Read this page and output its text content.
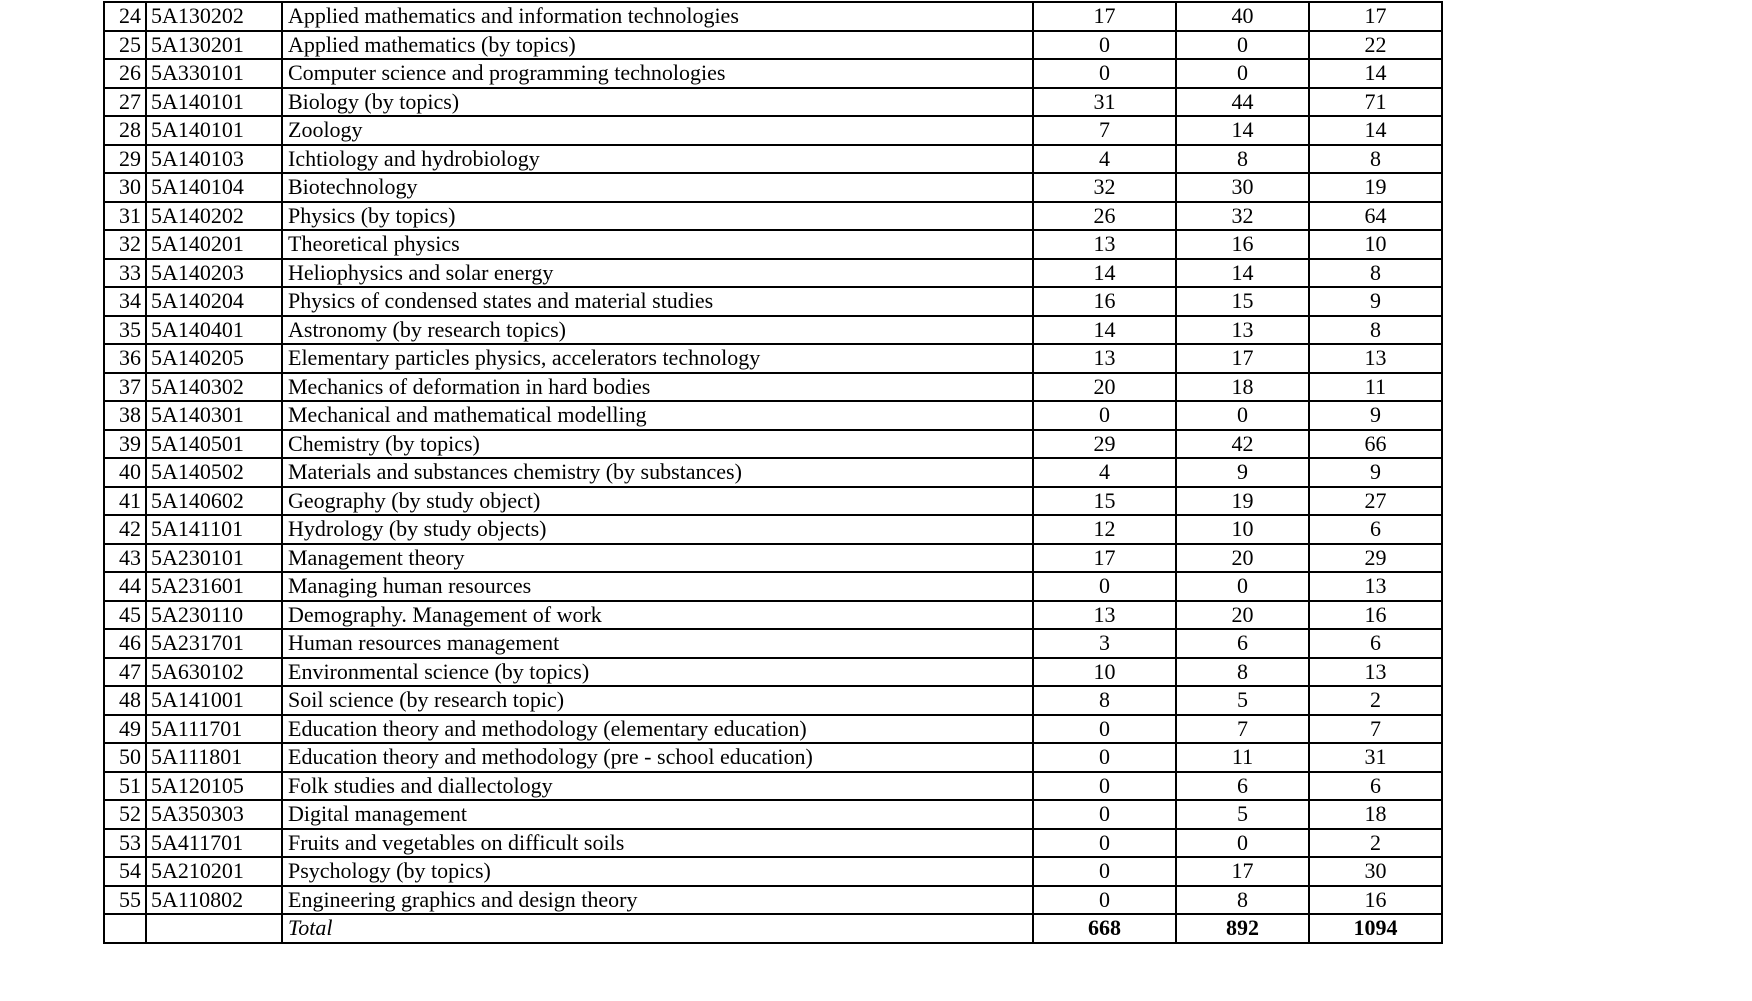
24	5A130202	Applied mathematics and information technologies	17	40	17
25	5A130201	Applied mathematics (by topics)	0	0	22
26	5A330101	Computer science and programming technologies	0	0	14
27	5A140101	Biology (by topics)	31	44	71
28	5A140101	Zoology	7	14	14
29	5A140103	Ichtiology and hydrobiology	4	8	8
30	5A140104	Biotechnology	32	30	19
31	5A140202	Physics (by topics)	26	32	64
32	5A140201	Theoretical physics	13	16	10
33	5A140203	Heliophysics and solar energy	14	14	8
34	5A140204	Physics of condensed states and material studies	16	15	9
35	5A140401	Astronomy (by research topics)	14	13	8
36	5A140205	Elementary particles physics, accelerators technology	13	17	13
37	5A140302	Mechanics of deformation in hard bodies	20	18	11
38	5A140301	Mechanical and mathematical modelling	0	0	9
39	5A140501	Chemistry (by topics)	29	42	66
40	5A140502	Materials and substances chemistry (by substances)	4	9	9
41	5A140602	Geography (by study object)	15	19	27
42	5A141101	Hydrology (by study objects)	12	10	6
43	5A230101	Management theory	17	20	29
44	5A231601	Managing human resources	0	0	13
45	5A230110	Demography. Management of work	13	20	16
46	5A231701	Human resources management	3	6	6
47	5A630102	Environmental science (by topics)	10	8	13
48	5A141001	Soil science (by research topic)	8	5	2
49	5A111701	Education theory and methodology (elementary education)	0	7	7
50	5A111801	Education theory and methodology (pre - school education)	0	11	31
51	5A120105	Folk studies and diallectology	0	6	6
52	5A350303	Digital management	0	5	18
53	5A411701	Fruits and vegetables on difficult soils	0	0	2
54	5A210201	Psychology (by topics)	0	17	30
55	5A110802	Engineering graphics and design theory	0	8	16
		Total	668	892	1094
